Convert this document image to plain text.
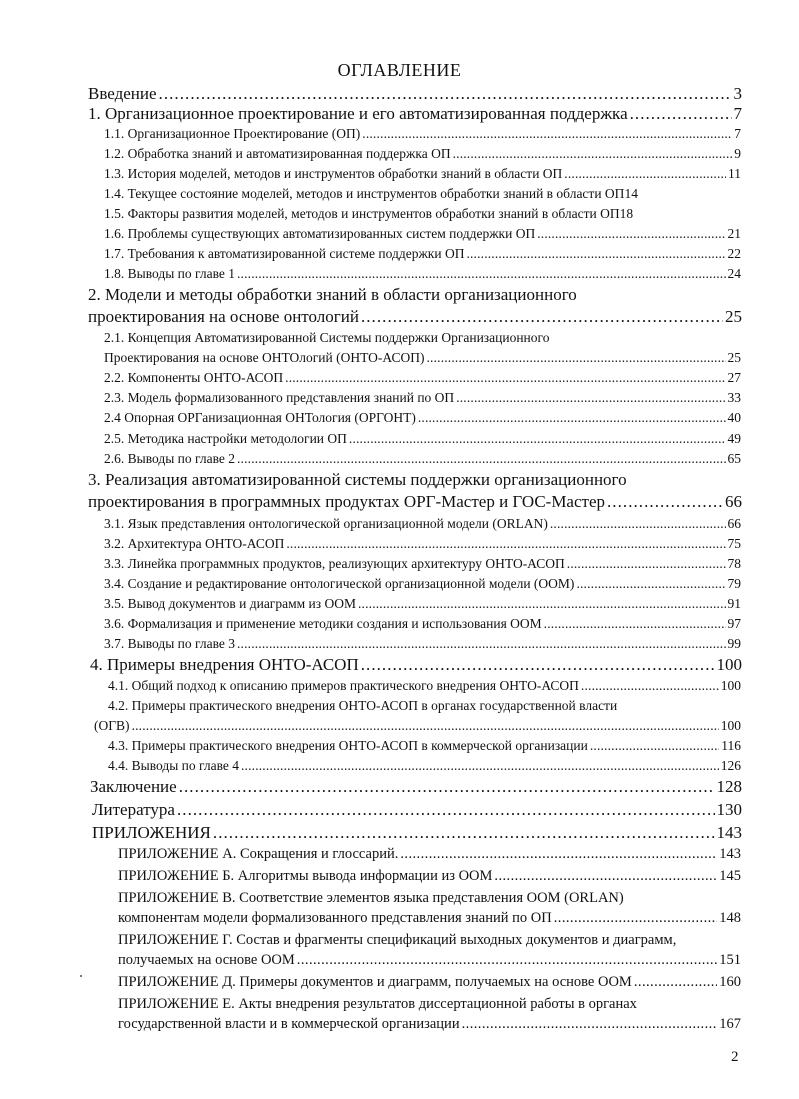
ОГЛАВЛЕНИЕ
Введение . . .	3
1. Организационное проектирование и его автоматизированная поддержка . . .	7
1.1. Организационное Проектирование (ОП) . . .	7
1.2. Обработка знаний и автоматизированная поддержка ОП . . .	9
1.3. История моделей, методов и инструментов обработки знаний в области ОП . . .	11
1.4. Текущее состояние моделей, методов и инструментов обработки знаний в области ОП 14
1.5. Факторы развития моделей, методов и инструментов обработки знаний в области ОП 18
1.6. Проблемы существующих автоматизированных систем поддержки ОП . . .	21
1.7. Требования к автоматизированной системе поддержки ОП . . .	22
1.8. Выводы по главе 1 . . .	24
2. Модели и методы обработки знаний в области организационного
проектирования на основе онтологий . . .	25
2.1. Концепция Автоматизированной Системы поддержки Организационного
Проектирования на основе ОНТОлогий (ОНТО-АСОП) . . .	25
2.2. Компоненты ОНТО-АСОП . . .	27
2.3. Модель формализованного представления знаний по ОП . . .	33
2.4 Опорная ОРГанизационная ОНТология (ОРГОНТ) . . .	40
2.5. Методика настройки методологии ОП . . .	49
2.6. Выводы по главе 2 . . .	65
3. Реализация автоматизированной системы поддержки организационного
проектирования в программных продуктах ОРГ-Мастер и ГОС-Мастер . . .	66
3.1. Язык представления онтологической организационной модели (ORLAN) . . .	66
3.2. Архитектура ОНТО-АСОП . . .	75
3.3. Линейка программных продуктов, реализующих архитектуру ОНТО-АСОП . . .	78
3.4. Создание и редактирование онтологической организационной модели (ООМ) . . .	79
3.5. Вывод документов и диаграмм из ООМ . . .	91
3.6. Формализация и применение методики создания и использования ООМ . . .	97
3.7. Выводы по главе 3 . . .	99
4. Примеры внедрения ОНТО-АСОП . . .	100
4.1. Общий подход к описанию примеров практического внедрения ОНТО-АСОП . . .	100
4.2. Примеры практического внедрения ОНТО-АСОП в органах государственной власти
(ОГВ) . . .	100
4.3. Примеры практического внедрения ОНТО-АСОП в коммерческой организации . . .	116
4.4. Выводы по главе 4 . . .	126
Заключение . . .	128
Литература . . .	130
ПРИЛОЖЕНИЯ . . .	143
ПРИЛОЖЕНИЕ А. Сокращения и глоссарий. . . .	143
ПРИЛОЖЕНИЕ Б. Алгоритмы вывода информации из ООМ . . .	145
ПРИЛОЖЕНИЕ В. Соответствие элементов языка представления ООМ (ORLAN)
компонентам модели формализованного представления знаний по ОП . . .	148
ПРИЛОЖЕНИЕ Г. Состав и фрагменты спецификаций выходных документов и диаграмм,
получаемых на основе ООМ . . .	151
ПРИЛОЖЕНИЕ Д. Примеры документов и диаграмм, получаемых на основе ООМ . . .	160
ПРИЛОЖЕНИЕ Е. Акты внедрения результатов диссертационной работы в органах
государственной власти и в коммерческой организации . . .	167
2
